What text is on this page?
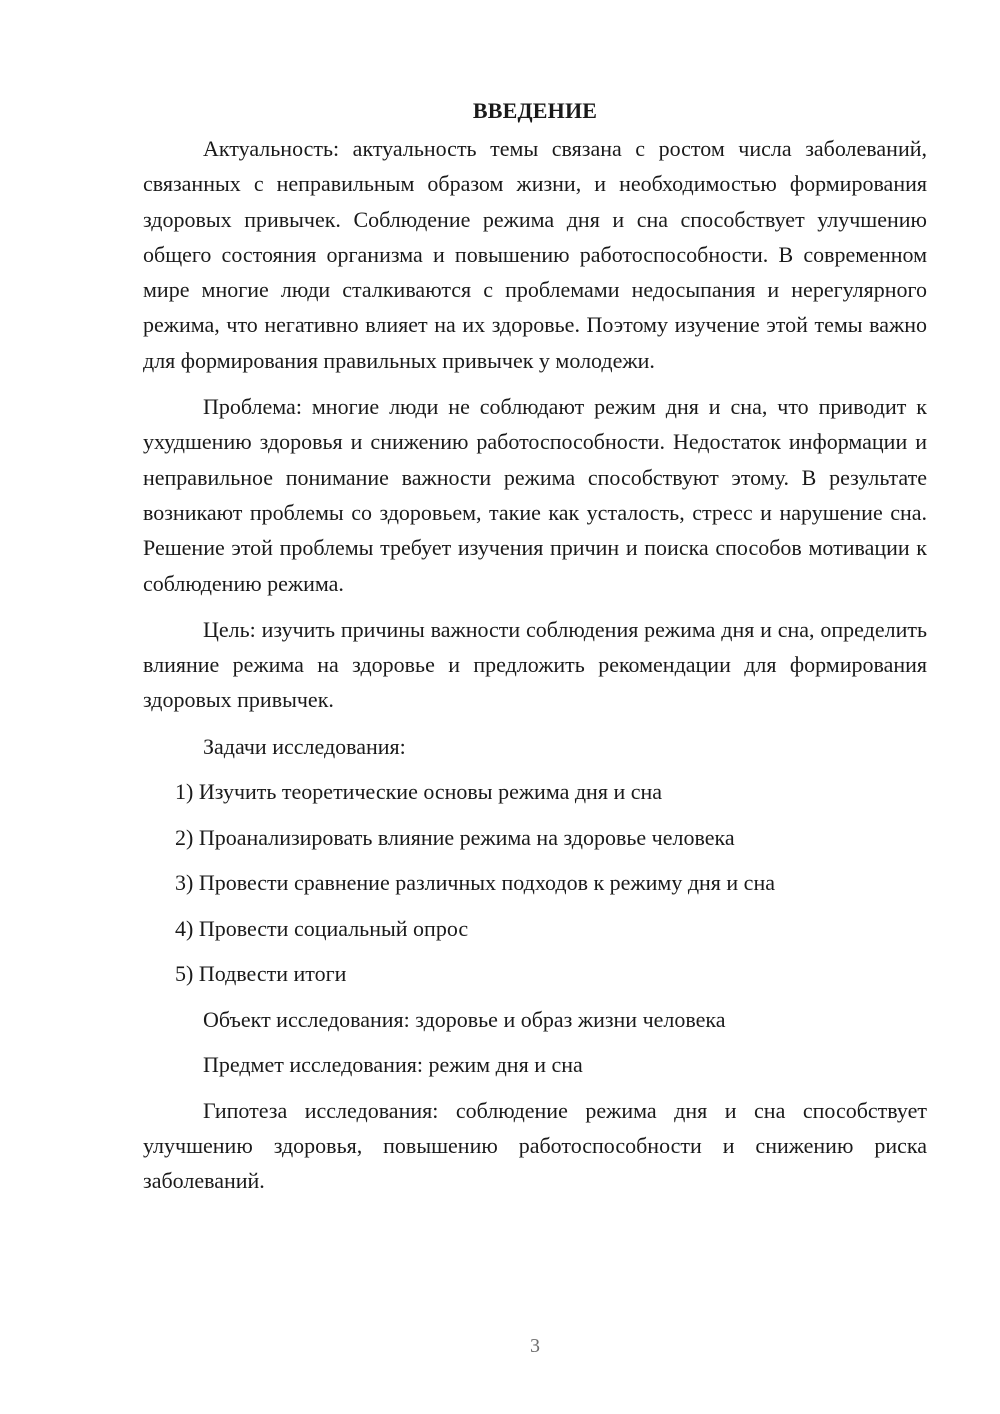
ВВЕДЕНИЕ

Актуальность: актуальность темы связана с ростом числа заболеваний, связанных с неправильным образом жизни, и необходимостью формирования здоровых привычек. Соблюдение режима дня и сна способствует улучшению общего состояния организма и повышению работоспособности. В современном мире многие люди сталкиваются с проблемами недосыпания и нерегулярного режима, что негативно влияет на их здоровье. Поэтому изучение этой темы важно для формирования правильных привычек у молодежи.

Проблема: многие люди не соблюдают режим дня и сна, что приводит к ухудшению здоровья и снижению работоспособности. Недостаток информации и неправильное понимание важности режима способствуют этому. В результате возникают проблемы со здоровьем, такие как усталость, стресс и нарушение сна. Решение этой проблемы требует изучения причин и поиска способов мотивации к соблюдению режима.

Цель: изучить причины важности соблюдения режима дня и сна, определить влияние режима на здоровье и предложить рекомендации для формирования здоровых привычек.

Задачи исследования:
1) Изучить теоретические основы режима дня и сна
2) Проанализировать влияние режима на здоровье человека
3) Провести сравнение различных подходов к режиму дня и сна
4) Провести социальный опрос
5) Подвести итоги
Объект исследования: здоровье и образ жизни человека
Предмет исследования: режим дня и сна

Гипотеза исследования: соблюдение режима дня и сна способствует улучшению здоровья, повышению работоспособности и снижению риска заболеваний.

3
